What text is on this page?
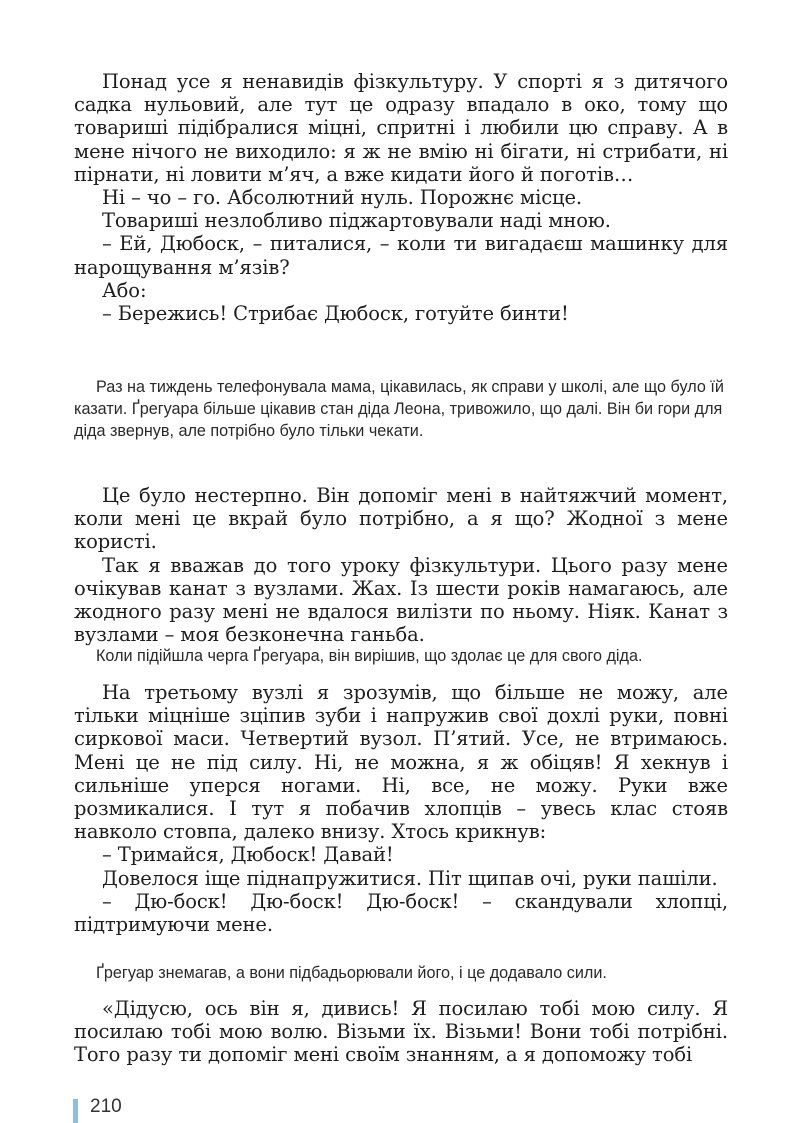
Понад усе я ненавидів фізкультуру. У спорті я з дитячого садка нульовий, але тут це одразу впадало в око, тому що товариші підібралися міцні, спритні і любили цю справу. А в мене нічого не виходило: я ж не вмію ні бігати, ні стрибати, ні пірнати, ні ловити м’яч, а вже кидати його й поготів…

Ні – чо – го. Абсолютний нуль. Порожнє місце.

Товариші незлобливо піджартовували наді мною.

– Ей, Дюбоск, – питалися, – коли ти вигадаєш машинку для нарощування м’язів?

Або:

– Бережись! Стрибає Дюбоск, готуйте бинти!

Раз на тиждень телефонувала мама, цікавилась, як справи у школі, але що було їй казати. Ґрегуара більше цікавив стан діда Леона, тривожило, що далі. Він би гори для діда звернув, але потрібно було тільки чекати.

Це було нестерпно. Він допоміг мені в найтяжчий момент, коли мені це вкрай було потрібно, а я що? Жодної з мене користі.

Так я вважав до того уроку фізкультури. Цього разу мене очікував канат з вузлами. Жах. Із шести років намагаюсь, але жодного разу мені не вдалося вилізти по ньому. Ніяк. Канат з вузлами – моя безконечна ганьба.

Коли підійшла черга Ґрегуара, він вирішив, що здолає це для свого діда.

На третьому вузлі я зрозумів, що більше не можу, але тільки міцніше зціпив зуби і напружив свої дохлі руки, повні сиркової маси. Четвертий вузол. П’ятий. Усе, не втримаюсь. Мені це не під силу. Ні, не можна, я ж обіцяв! Я хекнув і сильніше уперся ногами. Ні, все, не можу. Руки вже розмикалися. І тут я побачив хлопців – увесь клас стояв навколо стовпа, далеко внизу. Хтось крикнув:

– Тримайся, Дюбоск! Давай!

Довелося іще піднапружитися. Піт щипав очі, руки пашіли.

– Дю-боск! Дю-боск! Дю-боск! – скандували хлопці, підтримуючи мене.

Ґрегуар знемагав, а вони підбадьорювали його, і це додавало сили.

«Дідусю, ось він я, дивись! Я посилаю тобі мою силу. Я посилаю тобі мою волю. Візьми їх. Візьми! Вони тобі потрібні. Того разу ти допоміг мені своїм знанням, а я допоможу тобі

210
